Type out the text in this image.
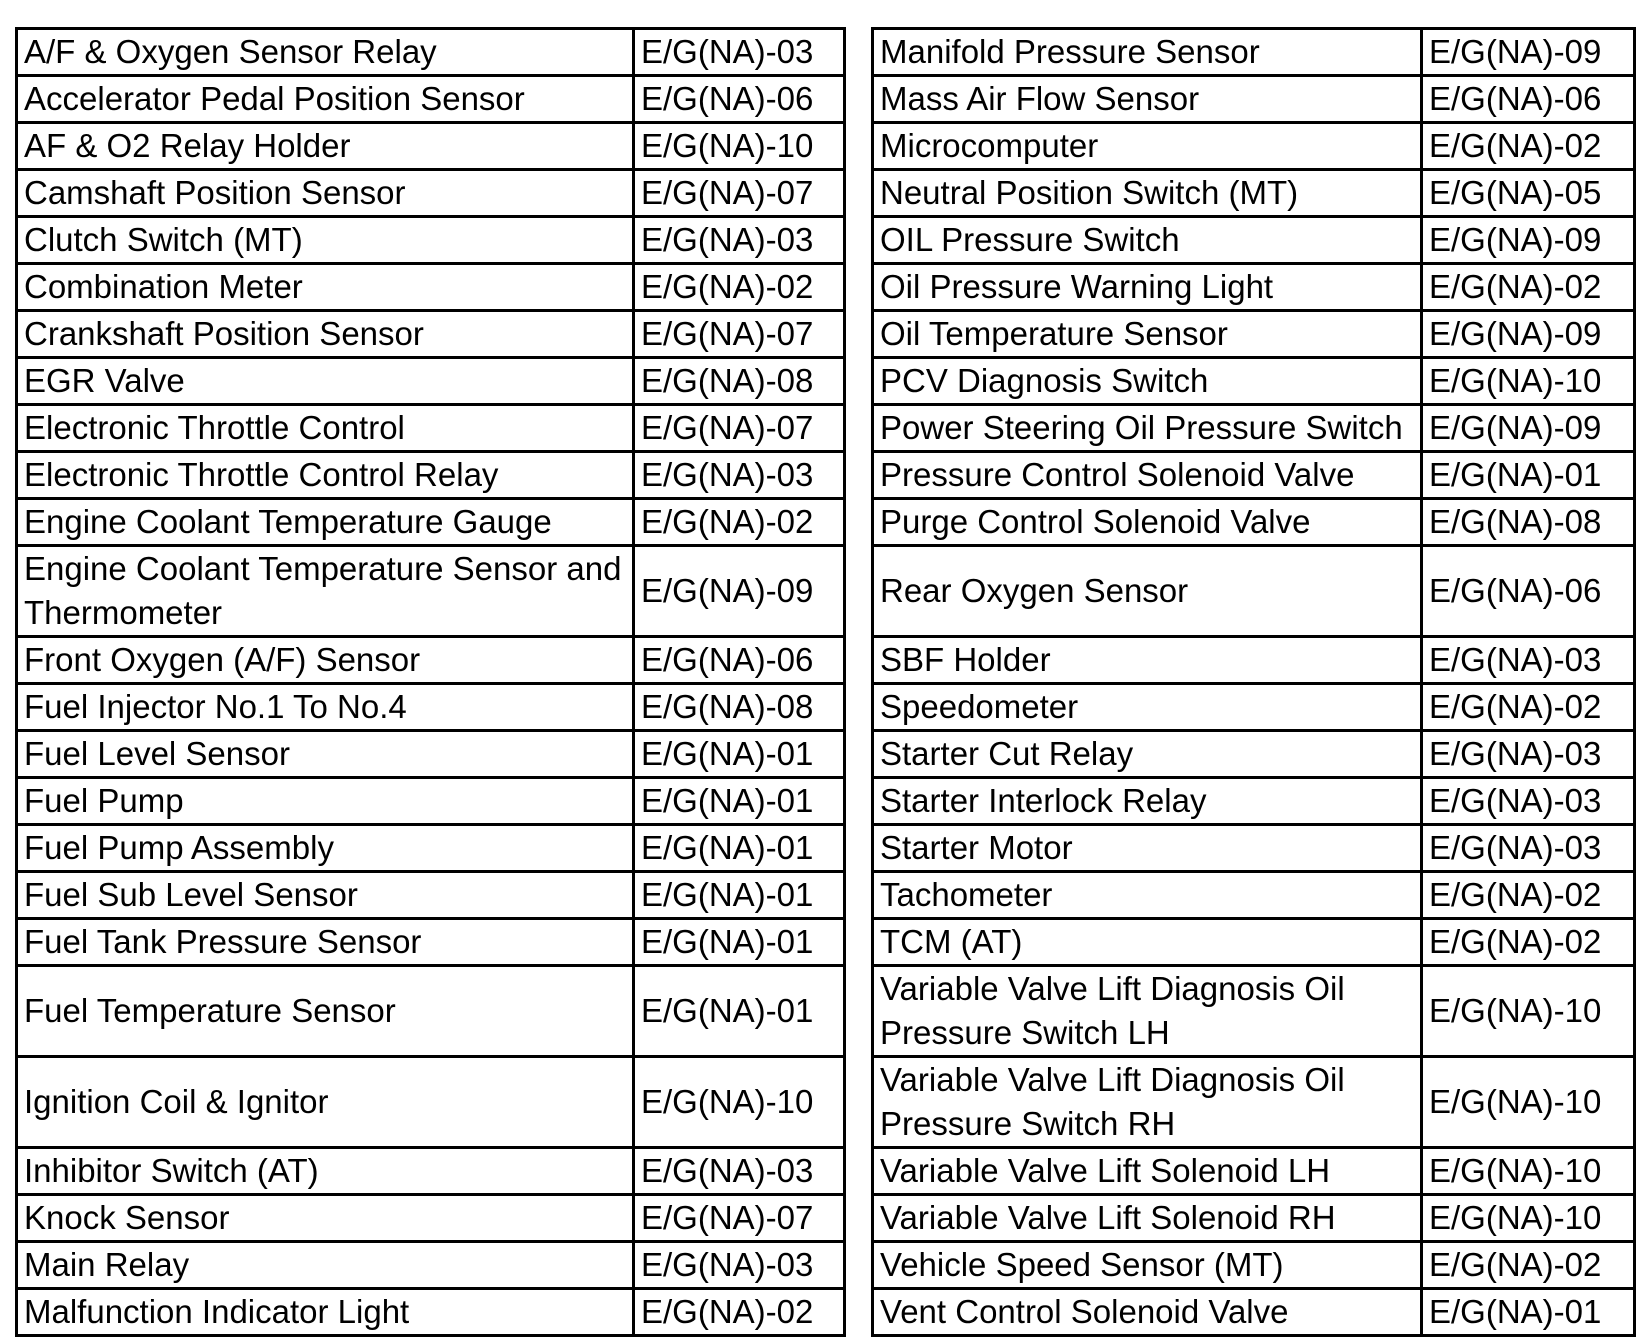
A/F & Oxygen Sensor Relay	E/G(NA)-03		Manifold Pressure Sensor	E/G(NA)-09
Accelerator Pedal Position Sensor	E/G(NA)-06		Mass Air Flow Sensor	E/G(NA)-06
AF & O2 Relay Holder	E/G(NA)-10		Microcomputer	E/G(NA)-02
Camshaft Position Sensor	E/G(NA)-07		Neutral Position Switch (MT)	E/G(NA)-05
Clutch Switch (MT)	E/G(NA)-03		OIL Pressure Switch	E/G(NA)-09
Combination Meter	E/G(NA)-02		Oil Pressure Warning Light	E/G(NA)-02
Crankshaft Position Sensor	E/G(NA)-07		Oil Temperature Sensor	E/G(NA)-09
EGR Valve	E/G(NA)-08		PCV Diagnosis Switch	E/G(NA)-10
Electronic Throttle Control	E/G(NA)-07		Power Steering Oil Pressure Switch	E/G(NA)-09
Electronic Throttle Control Relay	E/G(NA)-03		Pressure Control Solenoid Valve	E/G(NA)-01
Engine Coolant Temperature Gauge	E/G(NA)-02		Purge Control Solenoid Valve	E/G(NA)-08
Engine Coolant Temperature Sensor and Thermometer	E/G(NA)-09		Rear Oxygen Sensor	E/G(NA)-06
Front Oxygen (A/F) Sensor	E/G(NA)-06		SBF Holder	E/G(NA)-03
Fuel Injector No.1 To No.4	E/G(NA)-08		Speedometer	E/G(NA)-02
Fuel Level Sensor	E/G(NA)-01		Starter Cut Relay	E/G(NA)-03
Fuel Pump	E/G(NA)-01		Starter Interlock Relay	E/G(NA)-03
Fuel Pump Assembly	E/G(NA)-01		Starter Motor	E/G(NA)-03
Fuel Sub Level Sensor	E/G(NA)-01		Tachometer	E/G(NA)-02
Fuel Tank Pressure Sensor	E/G(NA)-01		TCM (AT)	E/G(NA)-02
Fuel Temperature Sensor	E/G(NA)-01		Variable Valve Lift Diagnosis Oil Pressure Switch LH	E/G(NA)-10
Ignition Coil & Ignitor	E/G(NA)-10		Variable Valve Lift Diagnosis Oil Pressure Switch RH	E/G(NA)-10
Inhibitor Switch (AT)	E/G(NA)-03		Variable Valve Lift Solenoid LH	E/G(NA)-10
Knock Sensor	E/G(NA)-07		Variable Valve Lift Solenoid RH	E/G(NA)-10
Main Relay	E/G(NA)-03		Vehicle Speed Sensor (MT)	E/G(NA)-02
Malfunction Indicator Light	E/G(NA)-02		Vent Control Solenoid Valve	E/G(NA)-01
